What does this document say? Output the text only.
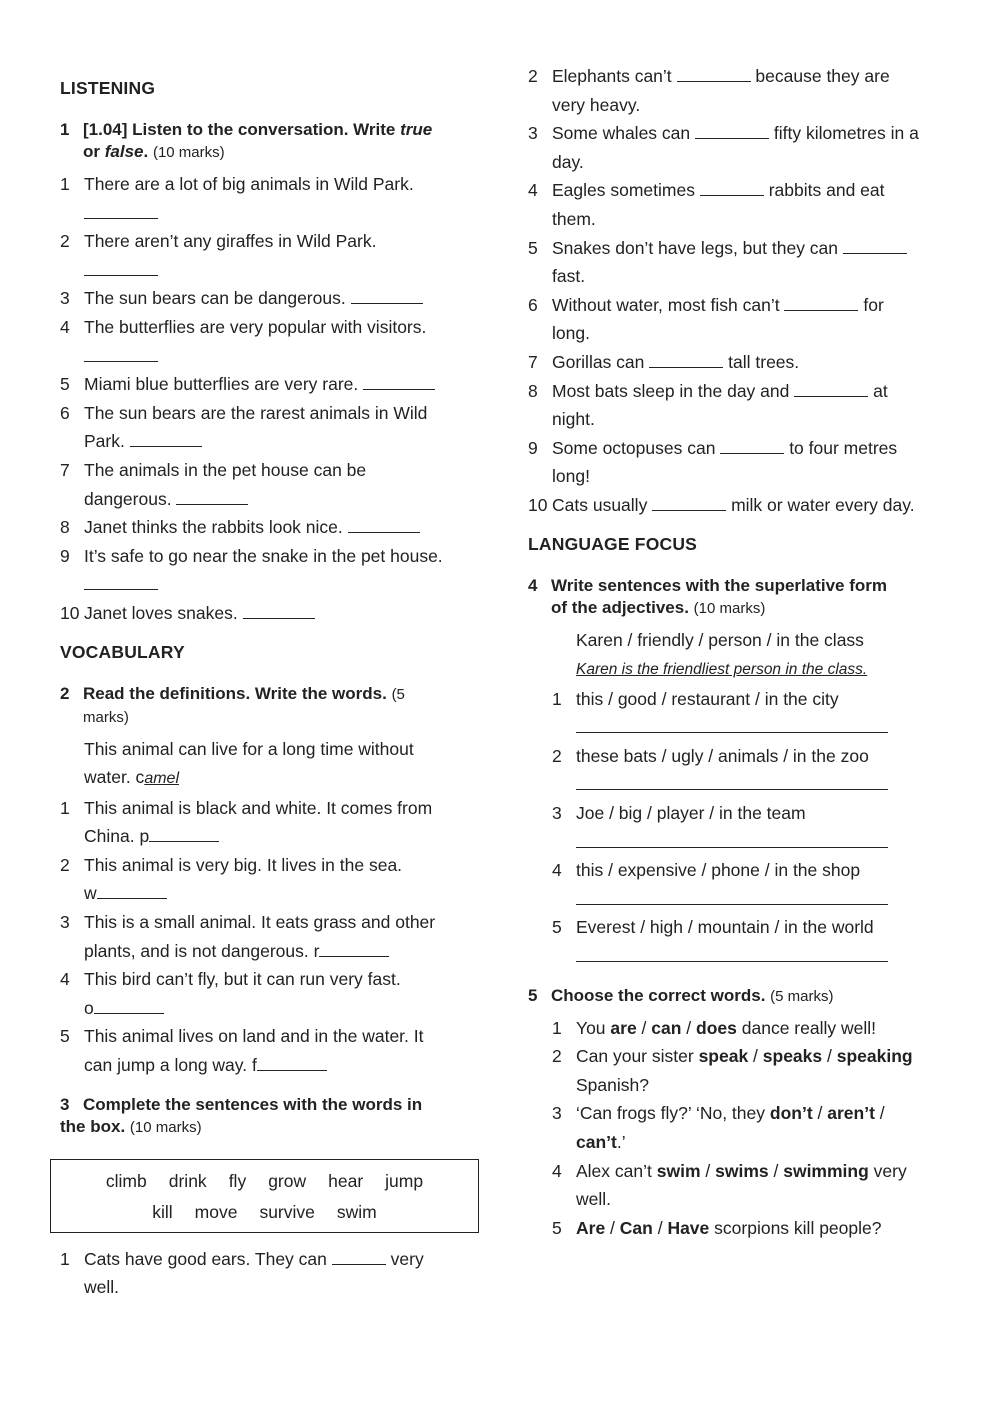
LISTENING
1 [1.04] Listen to the conversation. Write true
or false. (10 marks)
1 There are a lot of big animals in Wild Park.
2 There aren’t any giraffes in Wild Park.
3 The sun bears can be dangerous.
4 The butterflies are very popular with visitors.
5 Miami blue butterflies are very rare.
6 The sun bears are the rarest animals in Wild
Park.
7 The animals in the pet house can be
dangerous.
8 Janet thinks the rabbits look nice.
9 It’s safe to go near the snake in the pet house.
10 Janet loves snakes.
VOCABULARY
2 Read the definitions. Write the words. (5
marks)
This animal can live for a long time without
water. camel
1 This animal is black and white. It comes from
China. p
2 This animal is very big. It lives in the sea.
w
3 This is a small animal. It eats grass and other
plants, and is not dangerous. r
4 This bird can’t fly, but it can run very fast.
o
5 This animal lives on land and in the water. It
can jump a long way. f
3 Complete the sentences with the words in
the box. (10 marks)
climb drink fly grow hear jump
kill move survive swim
1 Cats have good ears. They can	very
well.
2 Elephants can’t	because they are
very heavy.
3 Some whales can	fifty kilometres in a
day.
4 Eagles sometimes	rabbits and eat
them.
5 Snakes don’t have legs, but they can
fast.
6 Without water, most fish can’t	for
long.
7 Gorillas can	tall trees.
8 Most bats sleep in the day and	at
night.
9 Some octopuses can	to four metres
long!
10 Cats usually	milk or water every day.
LANGUAGE FOCUS
4 Write sentences with the superlative form
of the adjectives. (10 marks)
Karen / friendly / person / in the class
Karen is the friendliest person in the class.
1 this / good / restaurant / in the city

2 these bats / ugly / animals / in the zoo

3 Joe / big / player / in the team

4 this / expensive / phone / in the shop

5 Everest / high / mountain / in the world

5 Choose the correct words. (5 marks)
1 You are / can / does dance really well!
2 Can your sister speak / speaks / speaking
Spanish?
3 ‘Can frogs fly?’ ‘No, they don’t / aren’t /
can’t.’
4 Alex can’t swim / swims / swimming very
well.
5 Are / Can / Have scorpions kill people?
